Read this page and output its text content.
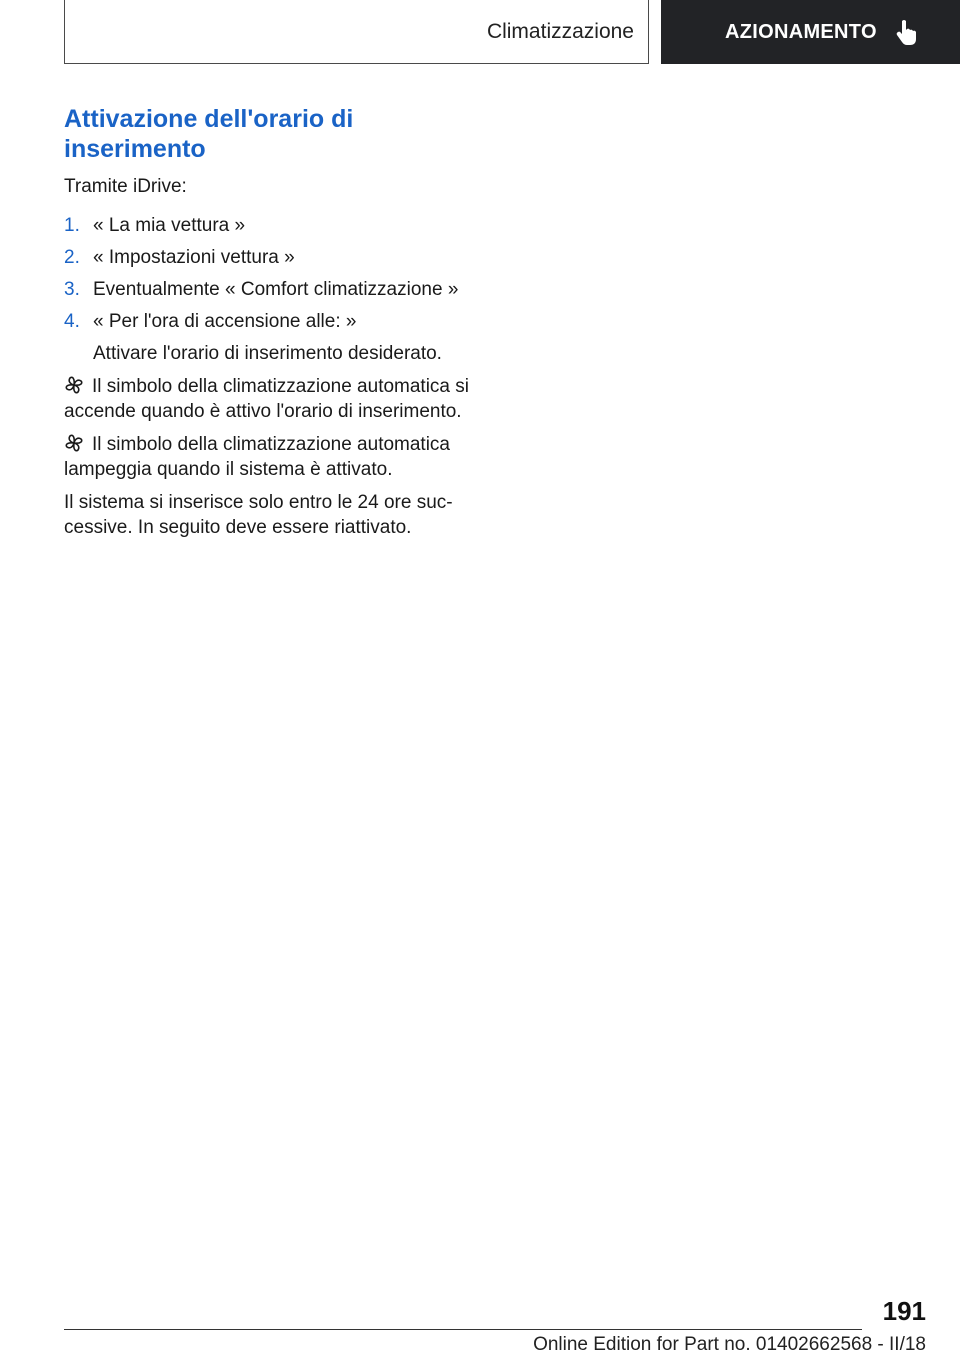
Climatizzazione	AZIONAMENTO
Attivazione dell'orario di inserimento

Tramite iDrive:

1. « La mia vettura »
2. « Impostazioni vettura »
3. Eventualmente « Comfort climatizzazione »
4. « Per l'ora di accensione alle: »

Attivare l'orario di inserimento desiderato.

Il simbolo della climatizzazione automatica si accende quando è attivo l'orario di inserimento.

Il simbolo della climatizzazione automatica lampeggia quando il sistema è attivato.

Il sistema si inserisce solo entro le 24 ore suc‐ cessive. In seguito deve essere riattivato.

191
Online Edition for Part no. 01402662568 - II/18
